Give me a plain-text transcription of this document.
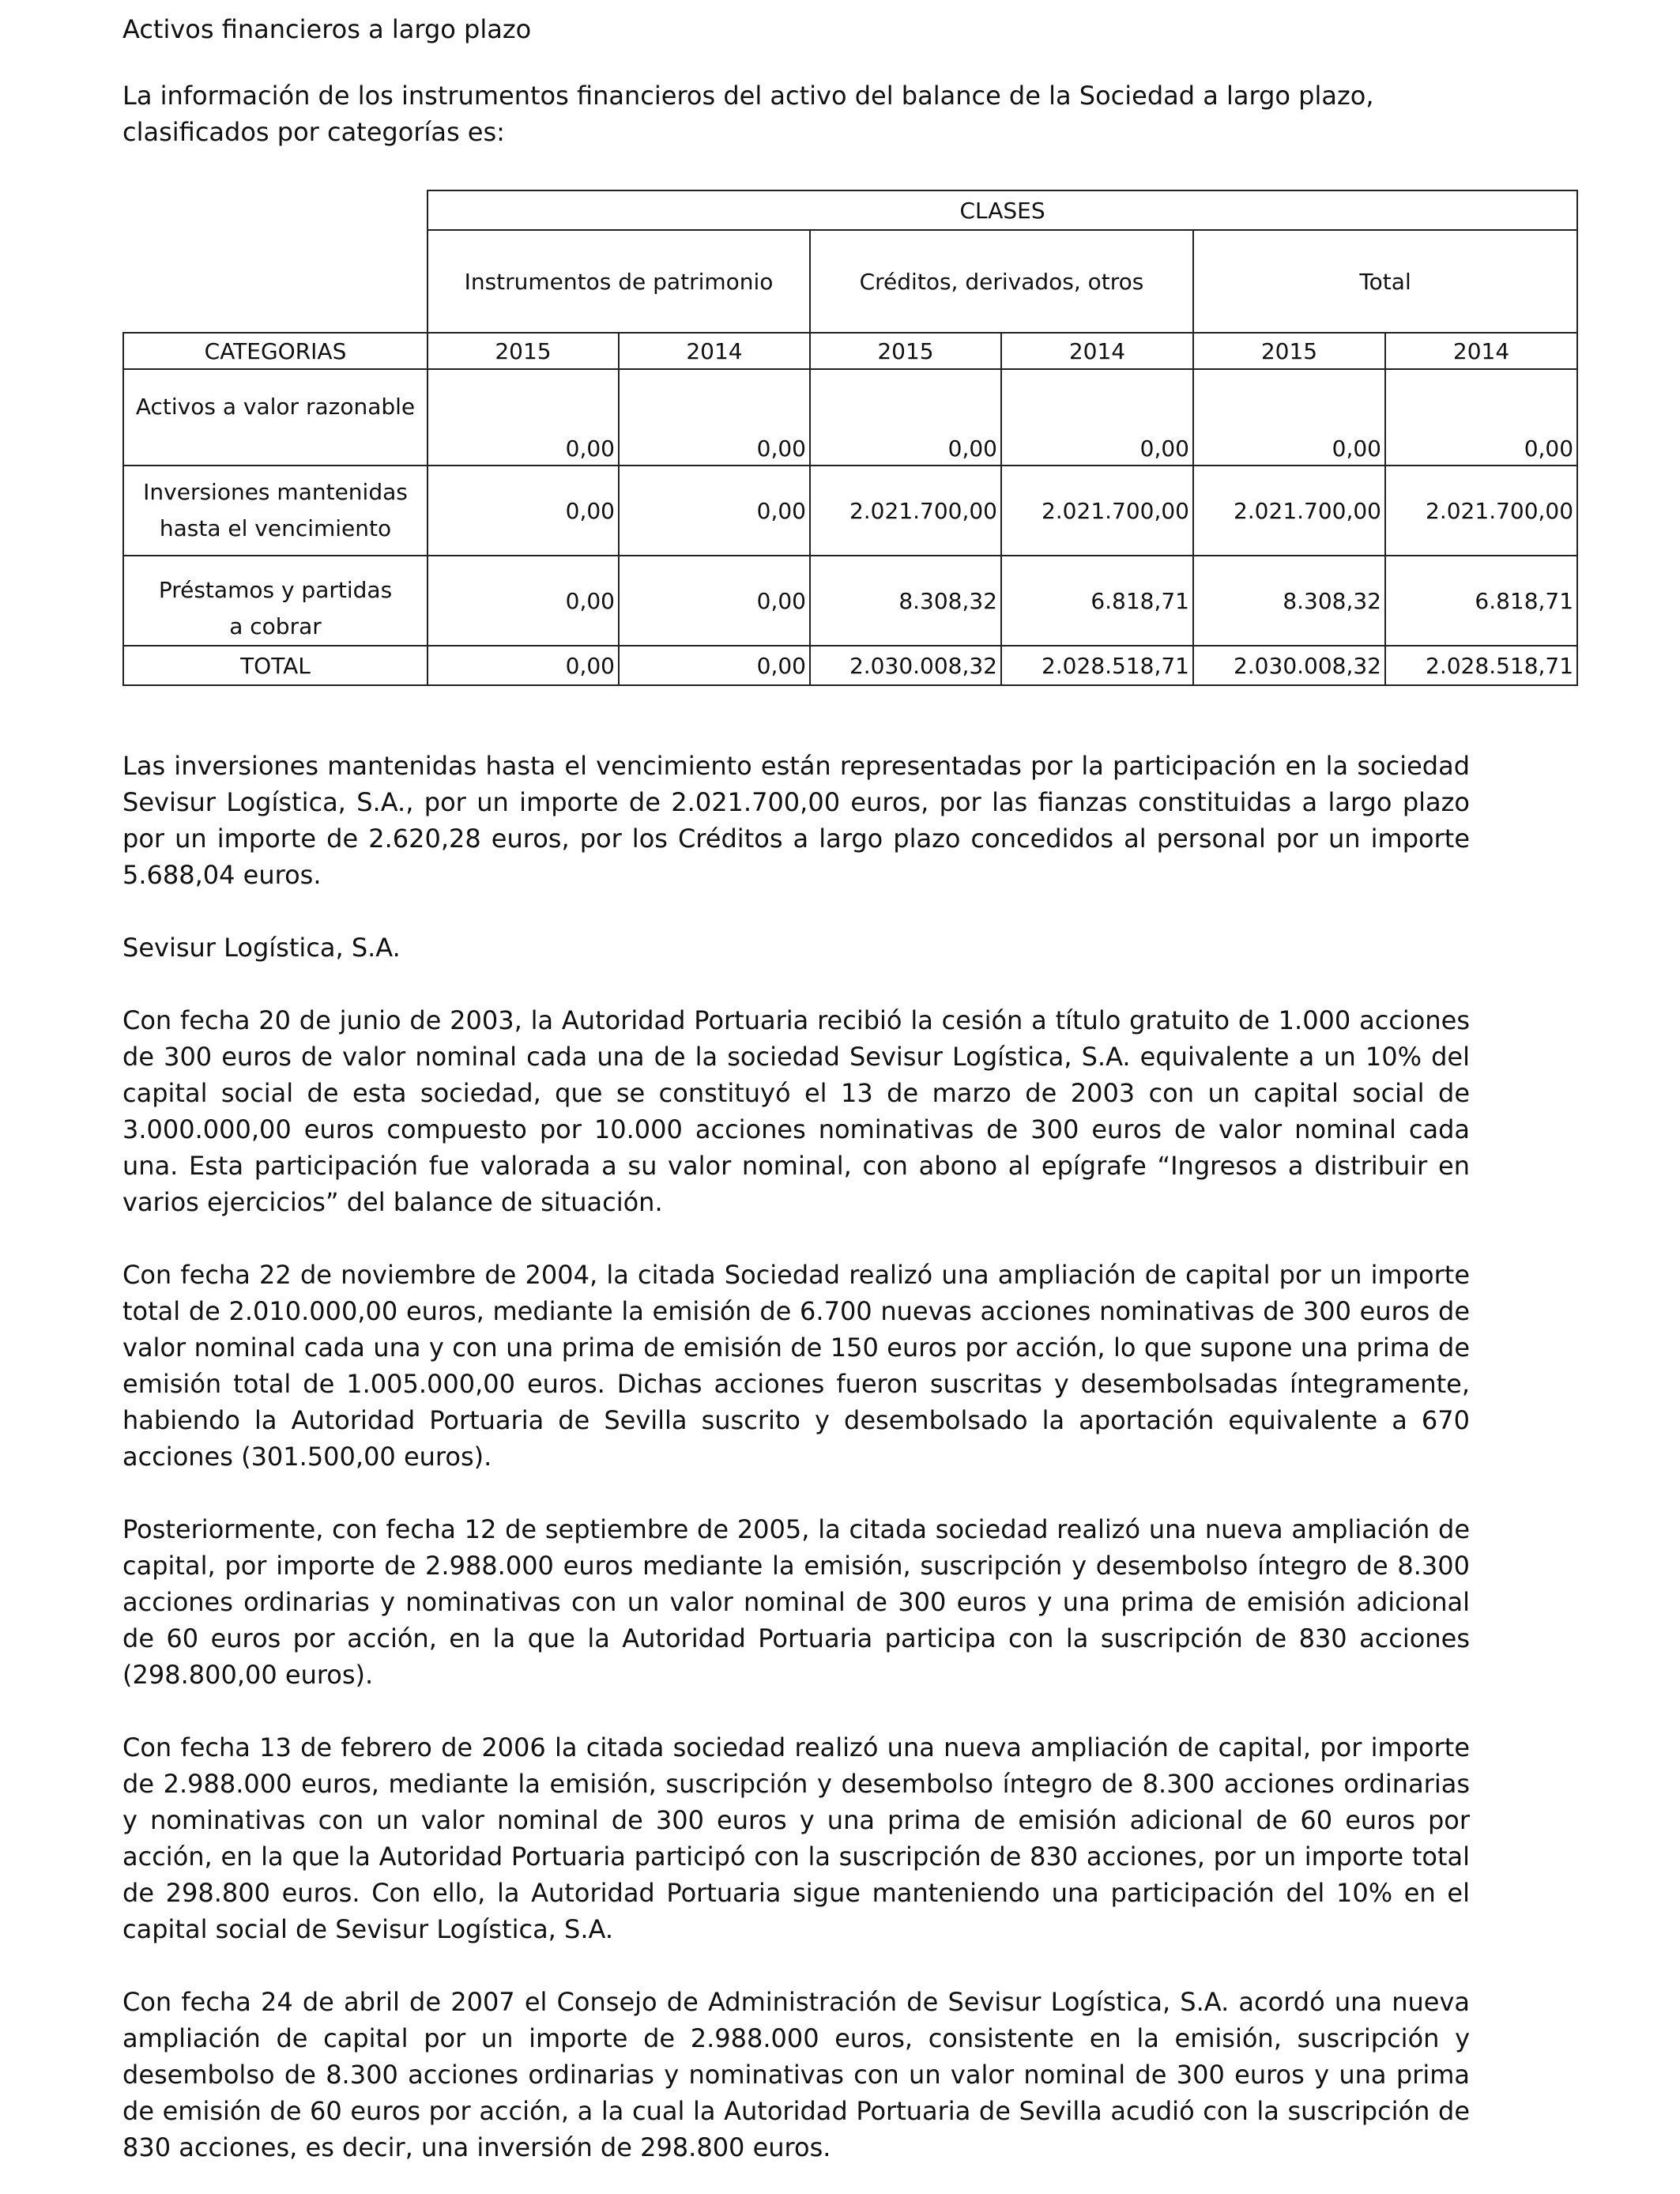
Activos financieros a largo plazo

La información de los instrumentos financieros del activo del balance de la Sociedad a largo plazo, clasificados por categorías es:

	CLASES					
	Instrumentos de patrimonio		Créditos, derivados, otros		Total	
CATEGORIAS	2015	2014	2015	2014	2015	2014
Activos a valor razonable	0,00	0,00	0,00	0,00	0,00	0,00
Inversiones mantenidas hasta el vencimiento	0,00	0,00	2.021.700,00	2.021.700,00	2.021.700,00	2.021.700,00
Préstamos y partidas a cobrar	0,00	0,00	8.308,32	6.818,71	8.308,32	6.818,71
TOTAL	0,00	0,00	2.030.008,32	2.028.518,71	2.030.008,32	2.028.518,71

Las inversiones mantenidas hasta el vencimiento están representadas por la participación en la sociedad Sevisur Logística, S.A., por un importe de 2.021.700,00 euros, por las fianzas constituidas a largo plazo por un importe de 2.620,28 euros, por los Créditos a largo plazo concedidos al personal por un importe 5.688,04 euros.

Sevisur Logística, S.A.

Con fecha 20 de junio de 2003, la Autoridad Portuaria recibió la cesión a título gratuito de 1.000 acciones de 300 euros de valor nominal cada una de la sociedad Sevisur Logística, S.A. equivalente a un 10% del capital social de esta sociedad, que se constituyó el 13 de marzo de 2003 con un capital social de 3.000.000,00 euros compuesto por 10.000 acciones nominativas de 300 euros de valor nominal cada una. Esta participación fue valorada a su valor nominal, con abono al epígrafe “Ingresos a distribuir en varios ejercicios” del balance de situación.

Con fecha 22 de noviembre de 2004, la citada Sociedad realizó una ampliación de capital por un importe total de 2.010.000,00 euros, mediante la emisión de 6.700 nuevas acciones nominativas de 300 euros de valor nominal cada una y con una prima de emisión de 150 euros por acción, lo que supone una prima de emisión total de 1.005.000,00 euros. Dichas acciones fueron suscritas y desembolsadas íntegramente, habiendo la Autoridad Portuaria de Sevilla suscrito y desembolsado la aportación equivalente a 670 acciones (301.500,00 euros).

Posteriormente, con fecha 12 de septiembre de 2005, la citada sociedad realizó una nueva ampliación de capital, por importe de 2.988.000 euros mediante la emisión, suscripción y desembolso íntegro de 8.300 acciones ordinarias y nominativas con un valor nominal de 300 euros y una prima de emisión adicional de 60 euros por acción, en la que la Autoridad Portuaria participa con la suscripción de 830 acciones (298.800,00 euros).

Con fecha 13 de febrero de 2006 la citada sociedad realizó una nueva ampliación de capital, por importe de 2.988.000 euros, mediante la emisión, suscripción y desembolso íntegro de 8.300 acciones ordinarias y nominativas con un valor nominal de 300 euros y una prima de emisión adicional de 60 euros por acción, en la que la Autoridad Portuaria participó con la suscripción de 830 acciones, por un importe total de 298.800 euros. Con ello, la Autoridad Portuaria sigue manteniendo una participación del 10% en el capital social de Sevisur Logística, S.A.

Con fecha 24 de abril de 2007 el Consejo de Administración de Sevisur Logística, S.A. acordó una nueva ampliación de capital por un importe de 2.988.000 euros, consistente en la emisión, suscripción y desembolso de 8.300 acciones ordinarias y nominativas con un valor nominal de 300 euros y una prima de emisión de 60 euros por acción, a la cual la Autoridad Portuaria de Sevilla acudió con la suscripción de 830 acciones, es decir, una inversión de 298.800 euros.
